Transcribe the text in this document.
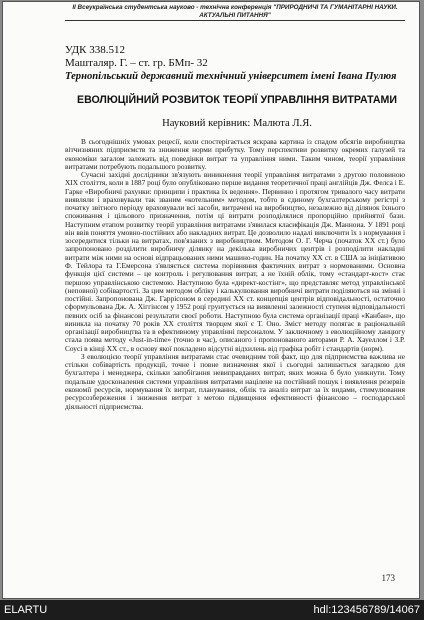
ІІ Всеукраїнська студентська науково - технічна конференція "ПРИРОДНИЧІ ТА ГУМАНІТАРНІ НАУКИ. АКТУАЛЬНІ ПИТАННЯ"
УДК 338.512
Машталяр. Г. – ст. гр. БМп- 32
Тернопільський державний технічний університет імені Івана Пулюя
ЕВОЛЮЦІЙНИЙ РОЗВИТОК ТЕОРІЇ УПРАВЛІННЯ ВИТРАТАМИ
Науковий керівник: Малюта Л.Я.

В сьогоднішніх умовах рецесії, коли спостерігається яскрава картина із спадом обсягів виробництва вітчизняних підприємств та зниження норми прибутку. Тому перспективи розвитку окремих галузей та економіки загалом залежать від поведінки витрат та управління ними. Таким чином, теорії управління витратами потребують подальшого розвитку.

Сучасні західні дослідники зв'язують виникнення теорії управління витратами з другою половиною ХІХ століття, коли в 1887 році було опубліковано перше видання теоретичної праці англійців Дж. Фелса і Е. Гарке «Виробничі рахунки: принципи і практика їх ведення». Первинно і протягом тривалого часу витрати виявляли і враховували так званим «котельним» методом, тобто в єдиному бухгалтерському регістрі з початку звітного періоду враховували всі засоби, витрачені на виробництво, незалежно від ділянок їхнього споживання і цільового призначення, потім ці витрати розподілялися пропорційно прийнятої бази. Наступним етапом розвитку теорії управління витратами з'явилася класифікація Дж. Манноиа. У 1891 році він ввів поняття умовно-постійних або накладних витрат. Це дозволило надалі виключити їх з нормування і зосередитися тільки на витратах, пов'язаних з виробництвом. Методом О. Г. Черча (початок ХХ ст.) було запропоновано розділити виробничу ділянку на декілька виробничих центрів і розподілити накладні витрати між ними на основі відпрацьованих ними машино-годин. На початку ХХ ст. в США за ініціативою Ф. Тейлора та Г.Емерсона з'являється система порівняння фактичних витрат з нормованими. Основна функція цієї системи – це контроль і регулювання витрат, а не їхній облік, тому «стандарт-кост» стає першою управлінською системою. Наступною була «директ-костінг», що представляє метод управлінської (неповної) собівартості. За цим методом обліку і калькулювання виробничі витрати поділяються на змінні і постійні. Запропонована Дж. Гаррісоном в середині ХХ ст. концепція центрів відповідальності, остаточно сформульована Дж. А. Хіггінсом у 1952 році грунтується на виявленні залежності ступеня відповідальності певних осіб за фінансові результати своєї роботи. Наступною була система організації праці «Канбан», що виникла на початку 70 років ХХ століття творцем якої є Т. Оно. Зміст методу полягає в раціональній організації виробництва та в ефективному управлінні персоналом. У заключному з еволюційному ланцюгу стала поява методу «Just-in-time» (точно в час), описаного і пропонованого авторами Р. А. Хауеллом і З.Р. Соусі в кінці ХХ ст., в основу якої покладено відсутні відхилень від графіка робіт і стандартів (норм).

З еволюцією теорії управління витратами стає очевидним той факт, що для підприємства важлива не стільки собівартість продукції, точне і повне визначення якої і сьогодні залишається загадкою для бухгалтера і менеджера, скільки запобігання невиправданих витрат, яких можна б було уникнути. Тому подальше удосконалення системи управління витратами націлене на постійний пошук і виявлення резервів економії ресурсів, нормування їх витрат, планування, облік та аналіз витрат за їх видами, стимулювання ресурсозбереження і зниження витрат з метою підвищення ефективності фінансово – господарської діяльності підприємства.

173
ELARTU	hdl:123456789/14067
